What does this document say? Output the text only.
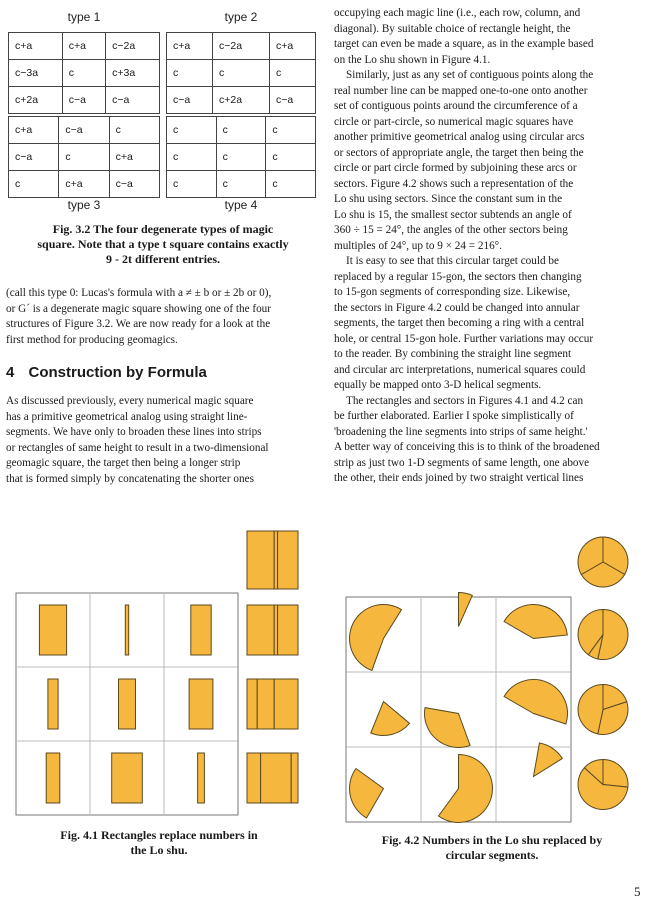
type 1	type 2
c+a	c+a	c−2a
c−3a	c	c+3a
c+2a	c−a	c−a
c+a	c−2a	c+a
c	c	c
c−a	c+2a	c−a
c+a	c−a	c
c−a	c	c+a
c	c+a	c−a
c	c	c
c	c	c
c	c	c
type 3	type 4
Fig. 3.2 The four degenerate types of magic
square. Note that a type t square contains exactly
9 - 2t different entries.

(call this type 0: Lucas's formula with a ≠ ± b or ± 2b or 0),

or G´ is a degenerate magic square showing one of the four

structures of Figure 3.2. We are now ready for a look at the

first method for producing geomagics.

4 Construction by Formula

As discussed previously, every numerical magic square

has a primitive geometrical analog using straight line-

segments. We have only to broaden these lines into strips

or rectangles of same height to result in a two-dimensional

geomagic square, the target then being a longer strip

that is formed simply by concatenating the shorter ones

occupying each magic line (i.e., each row, column, and

diagonal). By suitable choice of rectangle height, the

target can even be made a square, as in the example based

on the Lo shu shown in Figure 4.1.

Similarly, just as any set of contiguous points along the

real number line can be mapped one-to-one onto another

set of contiguous points around the circumference of a

circle or part-circle, so numerical magic squares have

another primitive geometrical analog using circular arcs

or sectors of appropriate angle, the target then being the

circle or part circle formed by subjoining these arcs or

sectors. Figure 4.2 shows such a representation of the

Lo shu using sectors. Since the constant sum in the

Lo shu is 15, the smallest sector subtends an angle of

360 ÷ 15 = 24°, the angles of the other sectors being

multiples of 24°, up to 9 × 24 = 216°.

It is easy to see that this circular target could be

replaced by a regular 15-gon, the sectors then changing

to 15-gon segments of corresponding size. Likewise,

the sectors in Figure 4.2 could be changed into annular

segments, the target then becoming a ring with a central

hole, or central 15-gon hole. Further variations may occur

to the reader. By combining the straight line segment

and circular arc interpretations, numerical squares could

equally be mapped onto 3-D helical segments.

The rectangles and sectors in Figures 4.1 and 4.2 can

be further elaborated. Earlier I spoke simplistically of

'broadening the line segments into strips of same height.'

A better way of conceiving this is to think of the broadened

strip as just two 1-D segments of same length, one above

the other, their ends joined by two straight vertical lines

Fig. 4.1 Rectangles replace numbers in
the Lo shu.
Fig. 4.2 Numbers in the Lo shu replaced by
circular segments.
5
